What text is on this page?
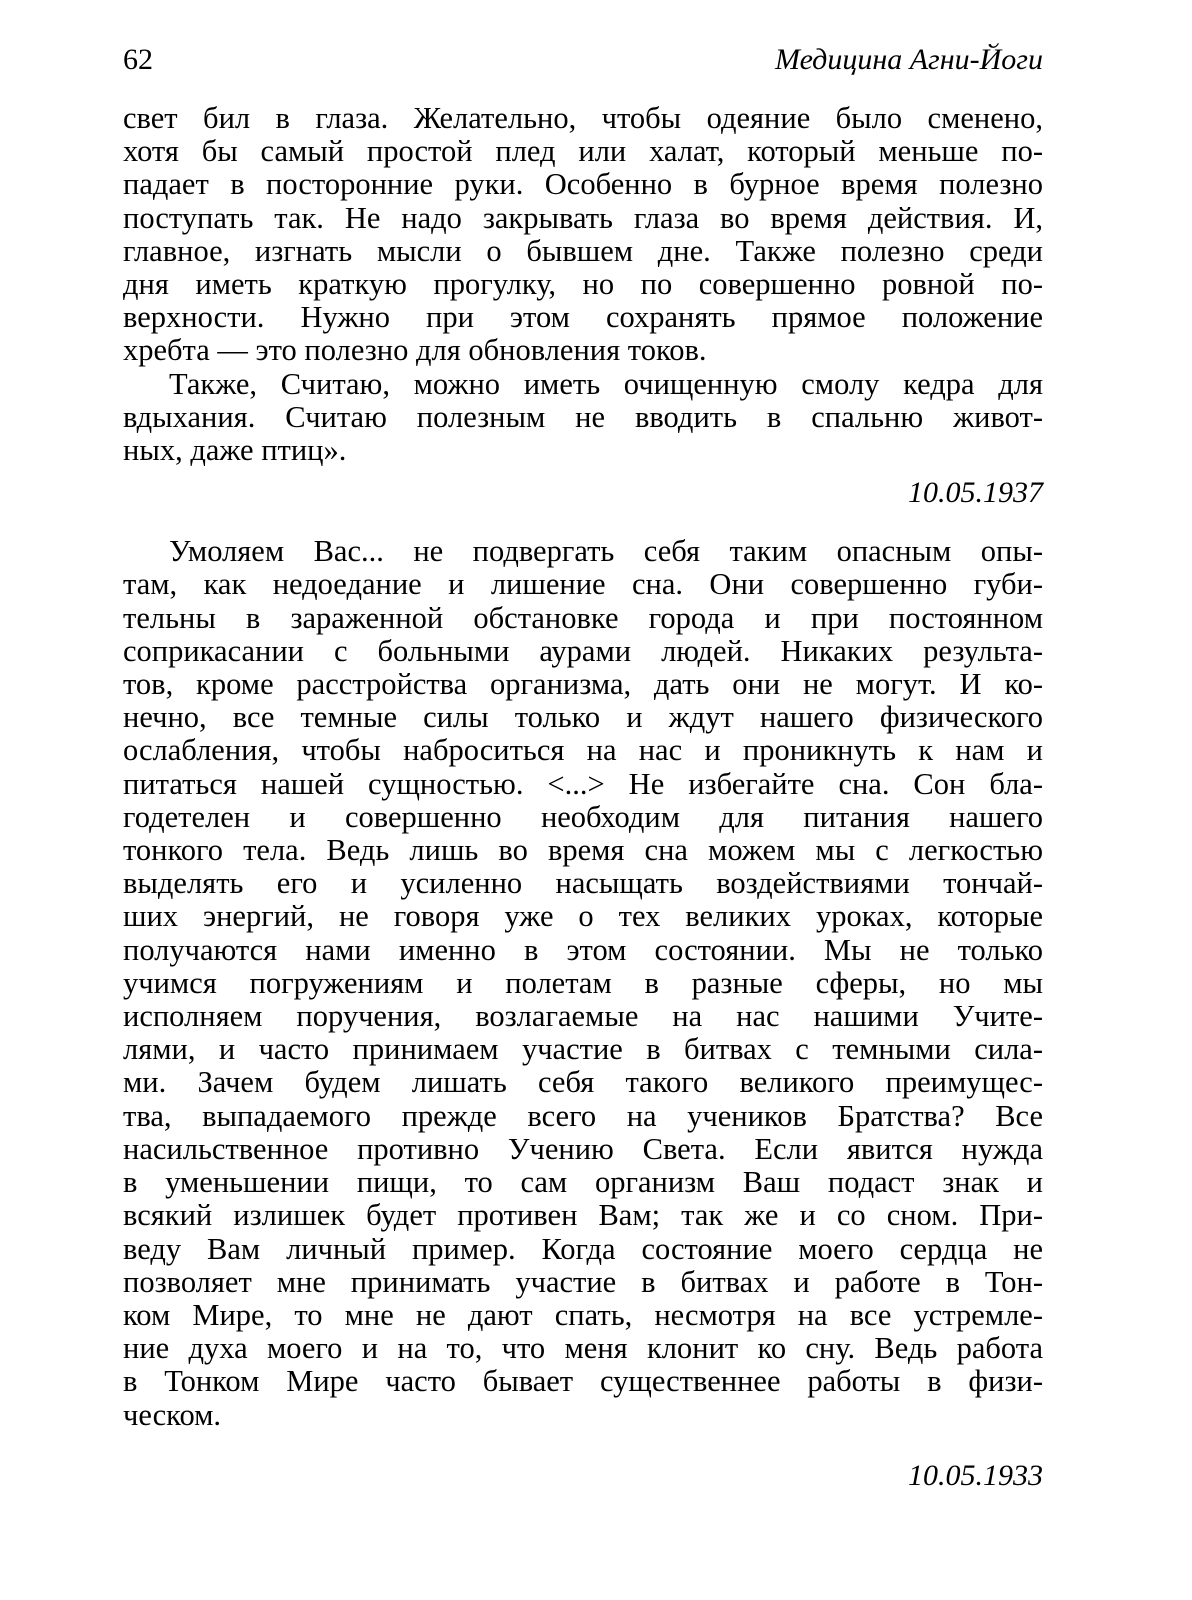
62	Медицина Агни-Йоги
свет бил в глаза. Желательно, чтобы одеяние было сменено,
хотя бы самый простой плед или халат, который меньше по-
падает в посторонние руки. Особенно в бурное время полезно
поступать так. Не надо закрывать глаза во время действия. И,
главное, изгнать мысли о бывшем дне. Также полезно среди
дня иметь краткую прогулку, но по совершенно ровной по-
верхности. Нужно при этом сохранять прямое положение
хребта — это полезно для обновления токов.
Также, Считаю, можно иметь очищенную смолу кедра для
вдыхания. Считаю полезным не вводить в спальню живот-
ных, даже птиц».
10.05.1937
Умоляем Вас... не подвергать себя таким опасным опы-
там, как недоедание и лишение сна. Они совершенно губи-
тельны в зараженной обстановке города и при постоянном
соприкасании с больными аурами людей. Никаких результа-
тов, кроме расстройства организма, дать они не могут. И ко-
нечно, все темные силы только и ждут нашего физического
ослабления, чтобы наброситься на нас и проникнуть к нам и
питаться нашей сущностью. <...> Не избегайте сна. Сон бла-
годетелен и совершенно необходим для питания нашего
тонкого тела. Ведь лишь во время сна можем мы с легкостью
выделять его и усиленно насыщать воздействиями тончай-
ших энергий, не говоря уже о тех великих уроках, которые
получаются нами именно в этом состоянии. Мы не только
учимся погружениям и полетам в разные сферы, но мы
исполняем поручения, возлагаемые на нас нашими Учите-
лями, и часто принимаем участие в битвах с темными сила-
ми. Зачем будем лишать себя такого великого преимущес-
тва, выпадаемого прежде всего на учеников Братства? Все
насильственное противно Учению Света. Если явится нужда
в уменьшении пищи, то сам организм Ваш подаст знак и
всякий излишек будет противен Вам; так же и со сном. При-
веду Вам личный пример. Когда состояние моего сердца не
позволяет мне принимать участие в битвах и работе в Тон-
ком Мире, то мне не дают спать, несмотря на все устремле-
ние духа моего и на то, что меня клонит ко сну. Ведь работа
в Тонком Мире часто бывает существеннее работы в физи-
ческом.
10.05.1933
